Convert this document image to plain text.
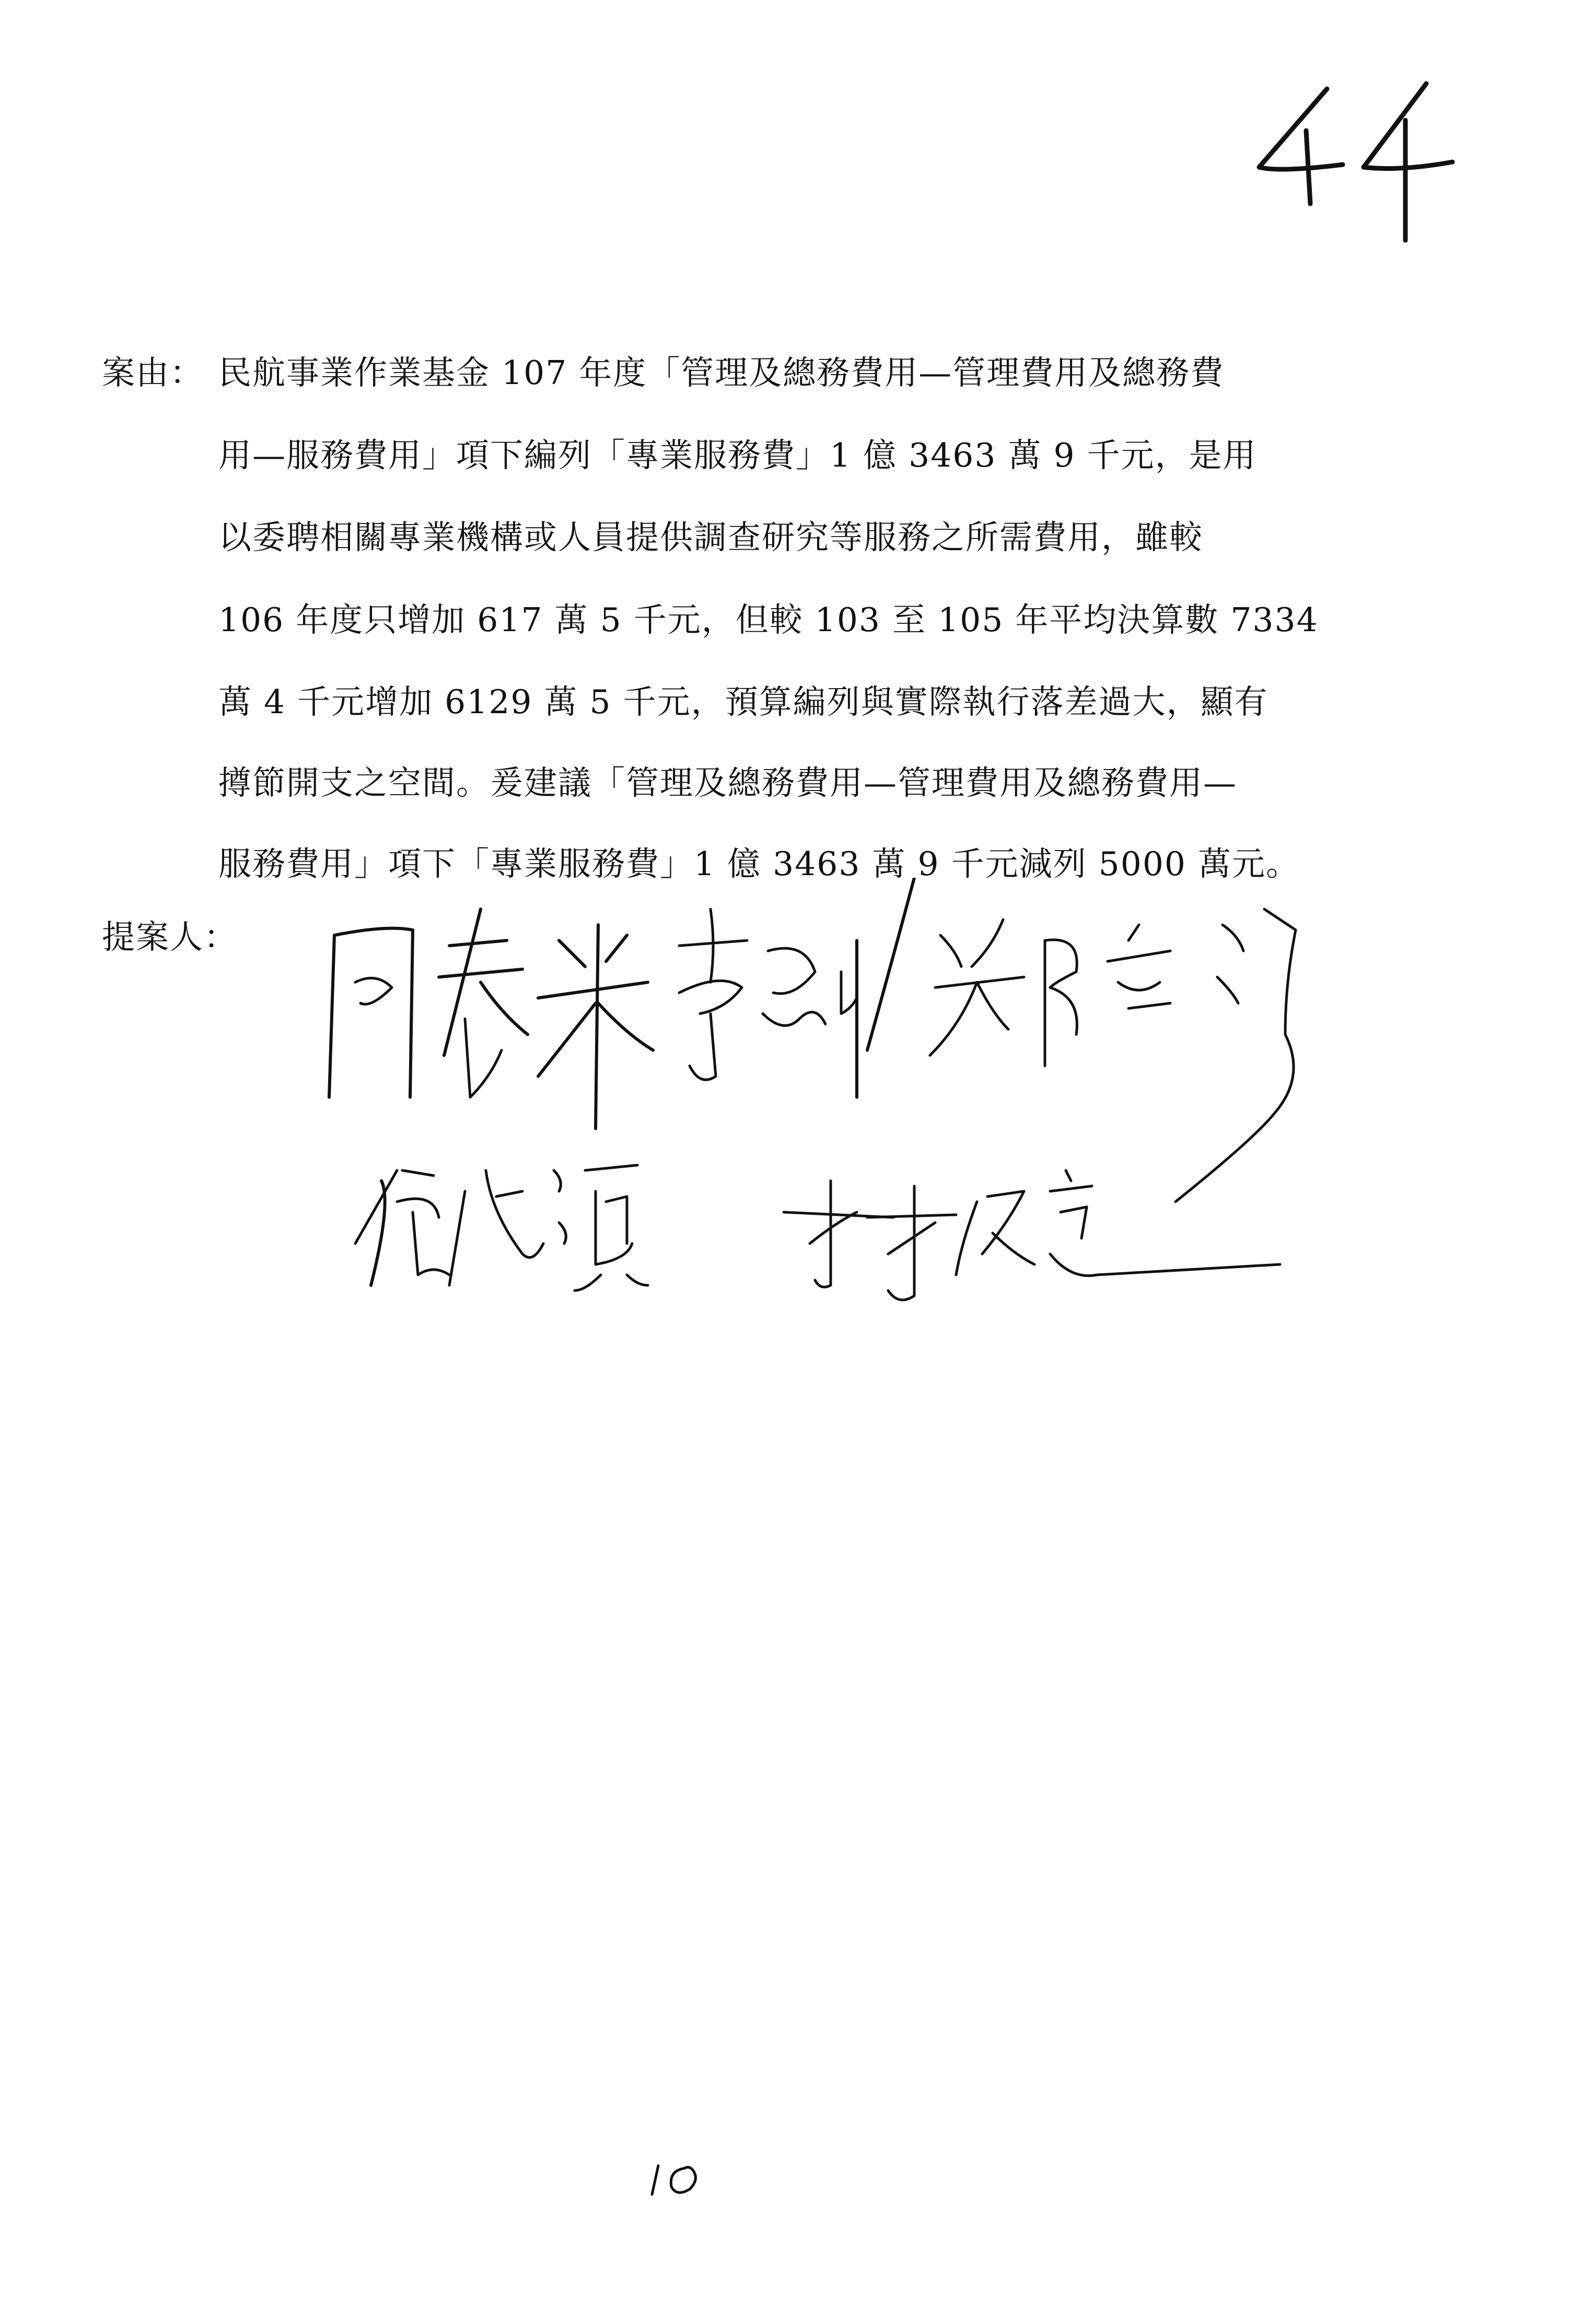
案由： 民航事業作業基金 107 年度「管理及總務費用—管理費用及總務費
用—服務費用」項下編列「專業服務費」1 億 3463 萬 9 千元，是用
以委聘相關專業機構或人員提供調查研究等服務之所需費用，雖較
106 年度只增加 617 萬 5 千元，但較 103 至 105 年平均決算數 7334
萬 4 千元增加 6129 萬 5 千元，預算編列與實際執行落差過大，顯有
撙節開支之空間。爰建議「管理及總務費用—管理費用及總務費用—
服務費用」項下「專業服務費」1 億 3463 萬 9 千元減列 5000 萬元。
提案人：
